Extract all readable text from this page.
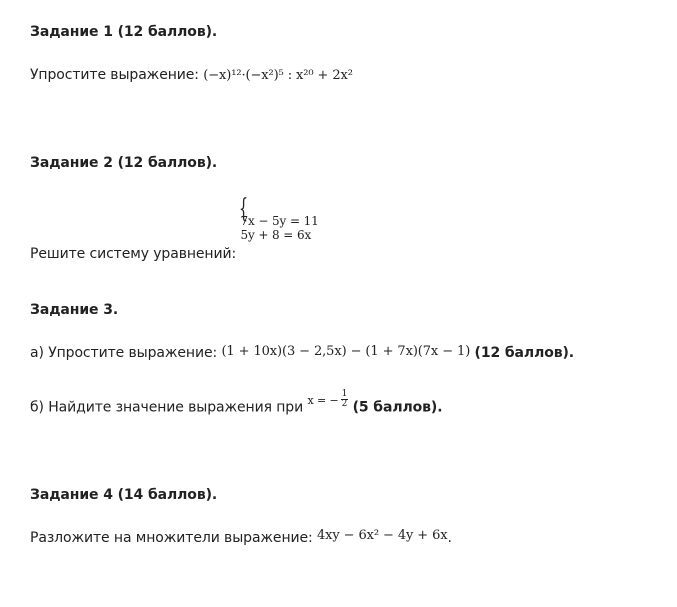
Задание 1 (12 баллов).
Упростите выражение: (−x)¹²·(−x²)⁵ : x²⁰ + 2x²
Задание 2 (12 баллов).
Решите систему уравнений:
{
7x − 5y = 11
5y + 8 = 6x
Задание 3.
а) Упростите выражение: (1 + 10x)(3 − 2,5x) − (1 + 7x)(7x − 1) (12 баллов).
б) Найдите значение выражения при $^{x = -} \frac{1}{2} (5$ баллов).
Задание 4 (14 баллов).
Разложите на множители выражение: 4xy − 6x² − 4y + 6x.
